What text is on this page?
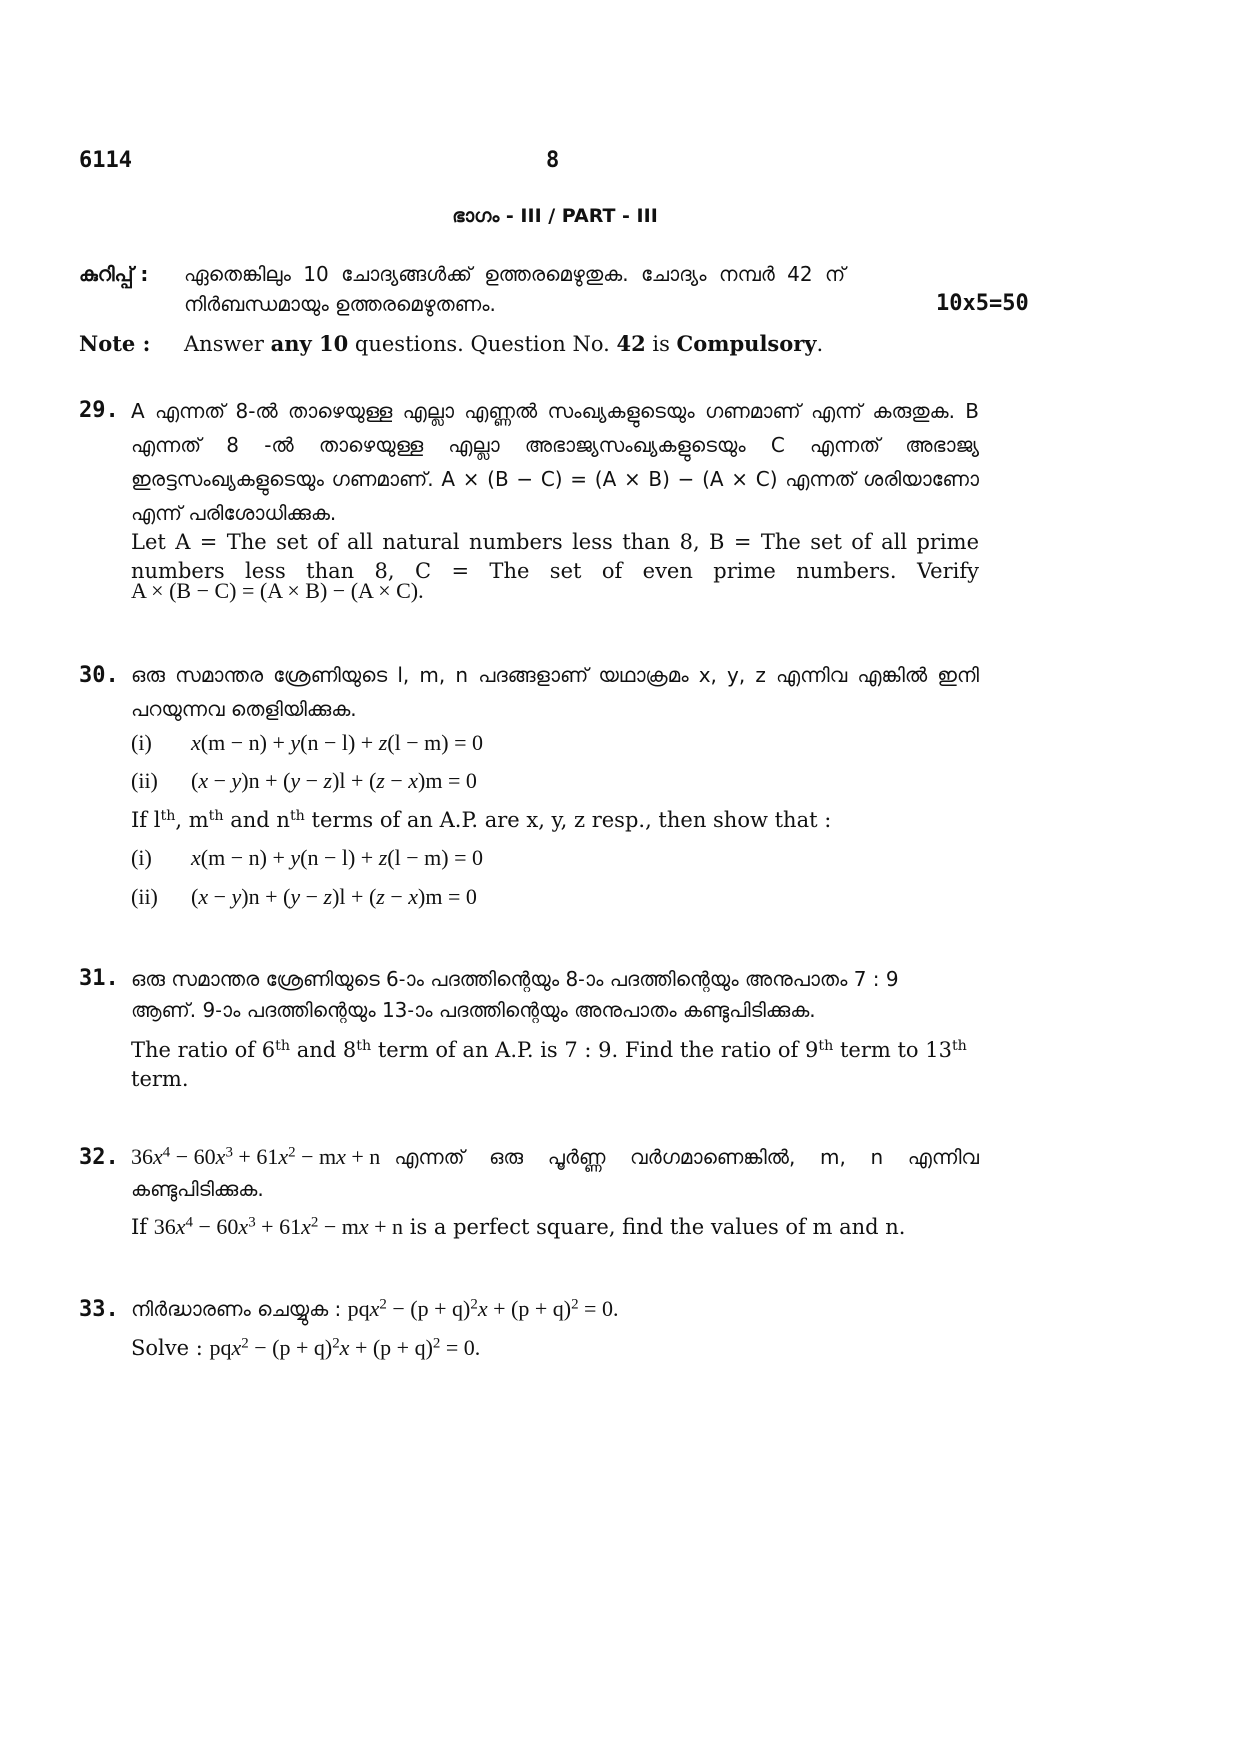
6114	8
ഭാഗം - III / PART - III
കുറിപ്പ് : ഏതെങ്കിലും 10 ചോദ്യങ്ങൾക്ക് ഉത്തരമെഴുതുക. ചോദ്യം നമ്പർ 42 ന്
നിർബന്ധമായും ഉത്തരമെഴുതണം.	10x5=50
Note : Answer any 10 questions. Question No. 42 is Compulsory.
29. A എന്നത് 8-ൽ താഴെയുള്ള എല്ലാ എണ്ണൽ സംഖ്യകളുടെയും ഗണമാണ് എന്ന് കരുതുക. B എന്നത് 8 -ൽ താഴെയുള്ള എല്ലാ അഭാജ്യസംഖ്യകളുടെയും C എന്നത് അഭാജ്യ ഇരട്ടസംഖ്യകളുടെയും ഗണമാണ്. A × (B − C) = (A × B) − (A × C) എന്നത് ശരിയാണോ എന്ന് പരിശോധിക്കുക.
Let A = The set of all natural numbers less than 8, B = The set of all prime numbers less than 8, C = The set of even prime numbers. Verify
A × (B − C) = (A × B) − (A × C).
30. ഒരു സമാന്തര ശ്രേണിയുടെ l, m, n പദങ്ങളാണ് യഥാക്രമം x, y, z എന്നിവ എങ്കിൽ ഇനി പറയുന്നവ തെളിയിക്കുക.
(i)	x(m − n) + y(n − l) + z(l − m) = 0
(ii)	(x − y)n + (y − z)l + (z − x)m = 0
If $l^{th}$, $m^{th}$ and $n^{th}$ terms of an A.P. are x, y, z resp., then show that :
(i)	x(m − n) + y(n − l) + z(l − m) = 0
(ii)	(x − y)n + (y − z)l + (z − x)m = 0
31. ഒരു സമാന്തര ശ്രേണിയുടെ 6-ാം പദത്തിന്റെയും 8-ാം പദത്തിന്റെയും അനുപാതം 7 : 9
ആണ്. 9-ാം പദത്തിന്റെയും 13-ാം പദത്തിന്റെയും അനുപാതം കണ്ടുപിടിക്കുക.
The ratio of 6th and 8th term of an A.P. is 7 : 9. Find the ratio of 9th term to 13th
term.
32. $36x^4 - 60x^3 + 61x^2$ − mx + n എന്നത് ഒരു പൂർണ്ണ വർഗമാണെങ്കിൽ, m, n എന്നിവ
കണ്ടുപിടിക്കുക.
If $36x^4 - 60x^3 + 61x^2$ − mx + n is a perfect square, find the values of m and n.
33. നിർദ്ധാരണം ചെയ്യുക : $pqx^2 - (p + q)^2x + (p + q)^2 = 0$.
Solve : $pqx^2 - (p + q)^2x + (p + q)^2 = 0$.
